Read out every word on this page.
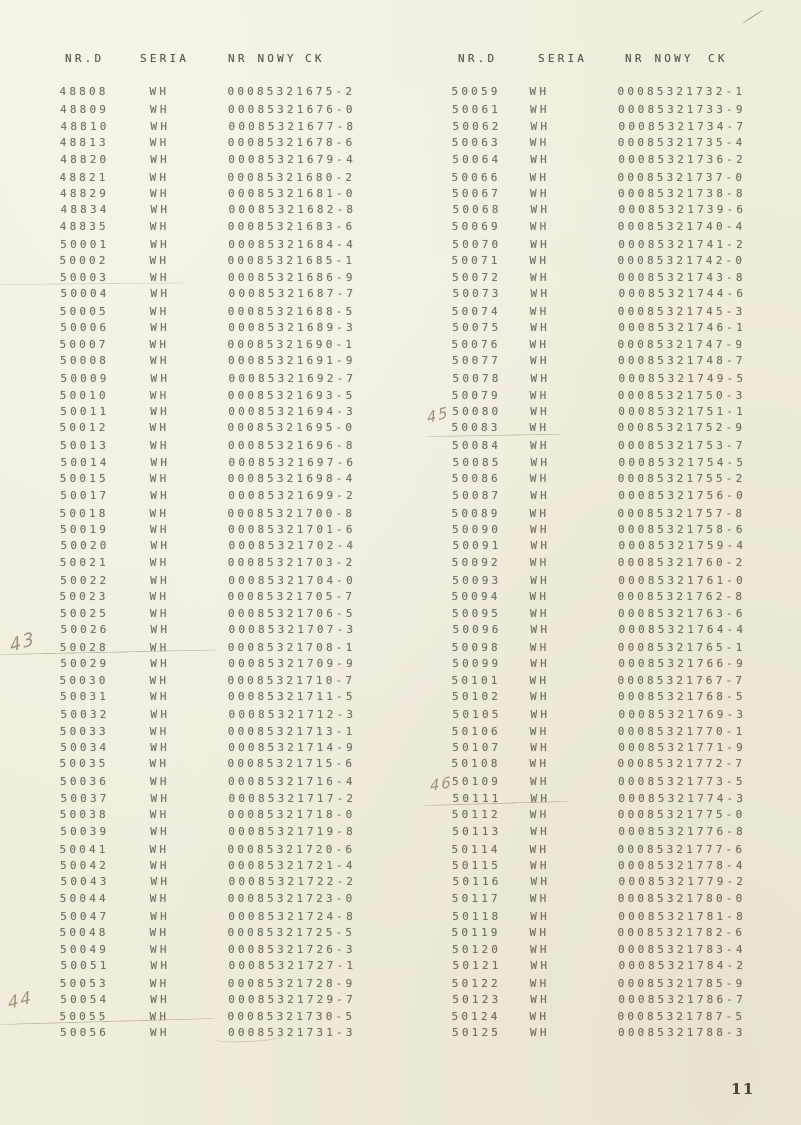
NR.D	SERIA	NR NOWY CK	NR.D	SERIA	NR NOWY CK
48808	WH	00085321675-2
48809	WH	00085321676-0
48810	WH	00085321677-8
48813	WH	00085321678-6
48820	WH	00085321679-4
48821	WH	00085321680-2
48829	WH	00085321681-0
48834	WH	00085321682-8
48835	WH	00085321683-6
50001	WH	00085321684-4
50002	WH	00085321685-1
50003	WH	00085321686-9
50004	WH	00085321687-7
50005	WH	00085321688-5
50006	WH	00085321689-3
50007	WH	00085321690-1
50008	WH	00085321691-9
50009	WH	00085321692-7
50010	WH	00085321693-5
50011	WH	00085321694-3
50012	WH	00085321695-0
50013	WH	00085321696-8
50014	WH	00085321697-6
50015	WH	00085321698-4
50017	WH	00085321699-2
50018	WH	00085321700-8
50019	WH	00085321701-6
50020	WH	00085321702-4
50021	WH	00085321703-2
50022	WH	00085321704-0
50023	WH	00085321705-7
50025	WH	00085321706-5
50026	WH	00085321707-3
50028	WH	00085321708-1
50029	WH	00085321709-9
50030	WH	00085321710-7
50031	WH	00085321711-5
50032	WH	00085321712-3
50033	WH	00085321713-1
50034	WH	00085321714-9
50035	WH	00085321715-6
50036	WH	00085321716-4
50037	WH	00085321717-2
50038	WH	00085321718-0
50039	WH	00085321719-8
50041	WH	00085321720-6
50042	WH	00085321721-4
50043	WH	00085321722-2
50044	WH	00085321723-0
50047	WH	00085321724-8
50048	WH	00085321725-5
50049	WH	00085321726-3
50051	WH	00085321727-1
50053	WH	00085321728-9
50054	WH	00085321729-7
50055	WH	00085321730-5
50056	WH	00085321731-3
50059	WH	00085321732-1
50061	WH	00085321733-9
50062	WH	00085321734-7
50063	WH	00085321735-4
50064	WH	00085321736-2
50066	WH	00085321737-0
50067	WH	00085321738-8
50068	WH	00085321739-6
50069	WH	00085321740-4
50070	WH	00085321741-2
50071	WH	00085321742-0
50072	WH	00085321743-8
50073	WH	00085321744-6
50074	WH	00085321745-3
50075	WH	00085321746-1
50076	WH	00085321747-9
50077	WH	00085321748-7
50078	WH	00085321749-5
50079	WH	00085321750-3
50080	WH	00085321751-1
50083	WH	00085321752-9
50084	WH	00085321753-7
50085	WH	00085321754-5
50086	WH	00085321755-2
50087	WH	00085321756-0
50089	WH	00085321757-8
50090	WH	00085321758-6
50091	WH	00085321759-4
50092	WH	00085321760-2
50093	WH	00085321761-0
50094	WH	00085321762-8
50095	WH	00085321763-6
50096	WH	00085321764-4
50098	WH	00085321765-1
50099	WH	00085321766-9
50101	WH	00085321767-7
50102	WH	00085321768-5
50105	WH	00085321769-3
50106	WH	00085321770-1
50107	WH	00085321771-9
50108	WH	00085321772-7
50109	WH	00085321773-5
50111	WH	00085321774-3
50112	WH	00085321775-0
50113	WH	00085321776-8
50114	WH	00085321777-6
50115	WH	00085321778-4
50116	WH	00085321779-2
50117	WH	00085321780-0
50118	WH	00085321781-8
50119	WH	00085321782-6
50120	WH	00085321783-4
50121	WH	00085321784-2
50122	WH	00085321785-9
50123	WH	00085321786-7
50124	WH	00085321787-5
50125	WH	00085321788-3
43
44
45
46
11
